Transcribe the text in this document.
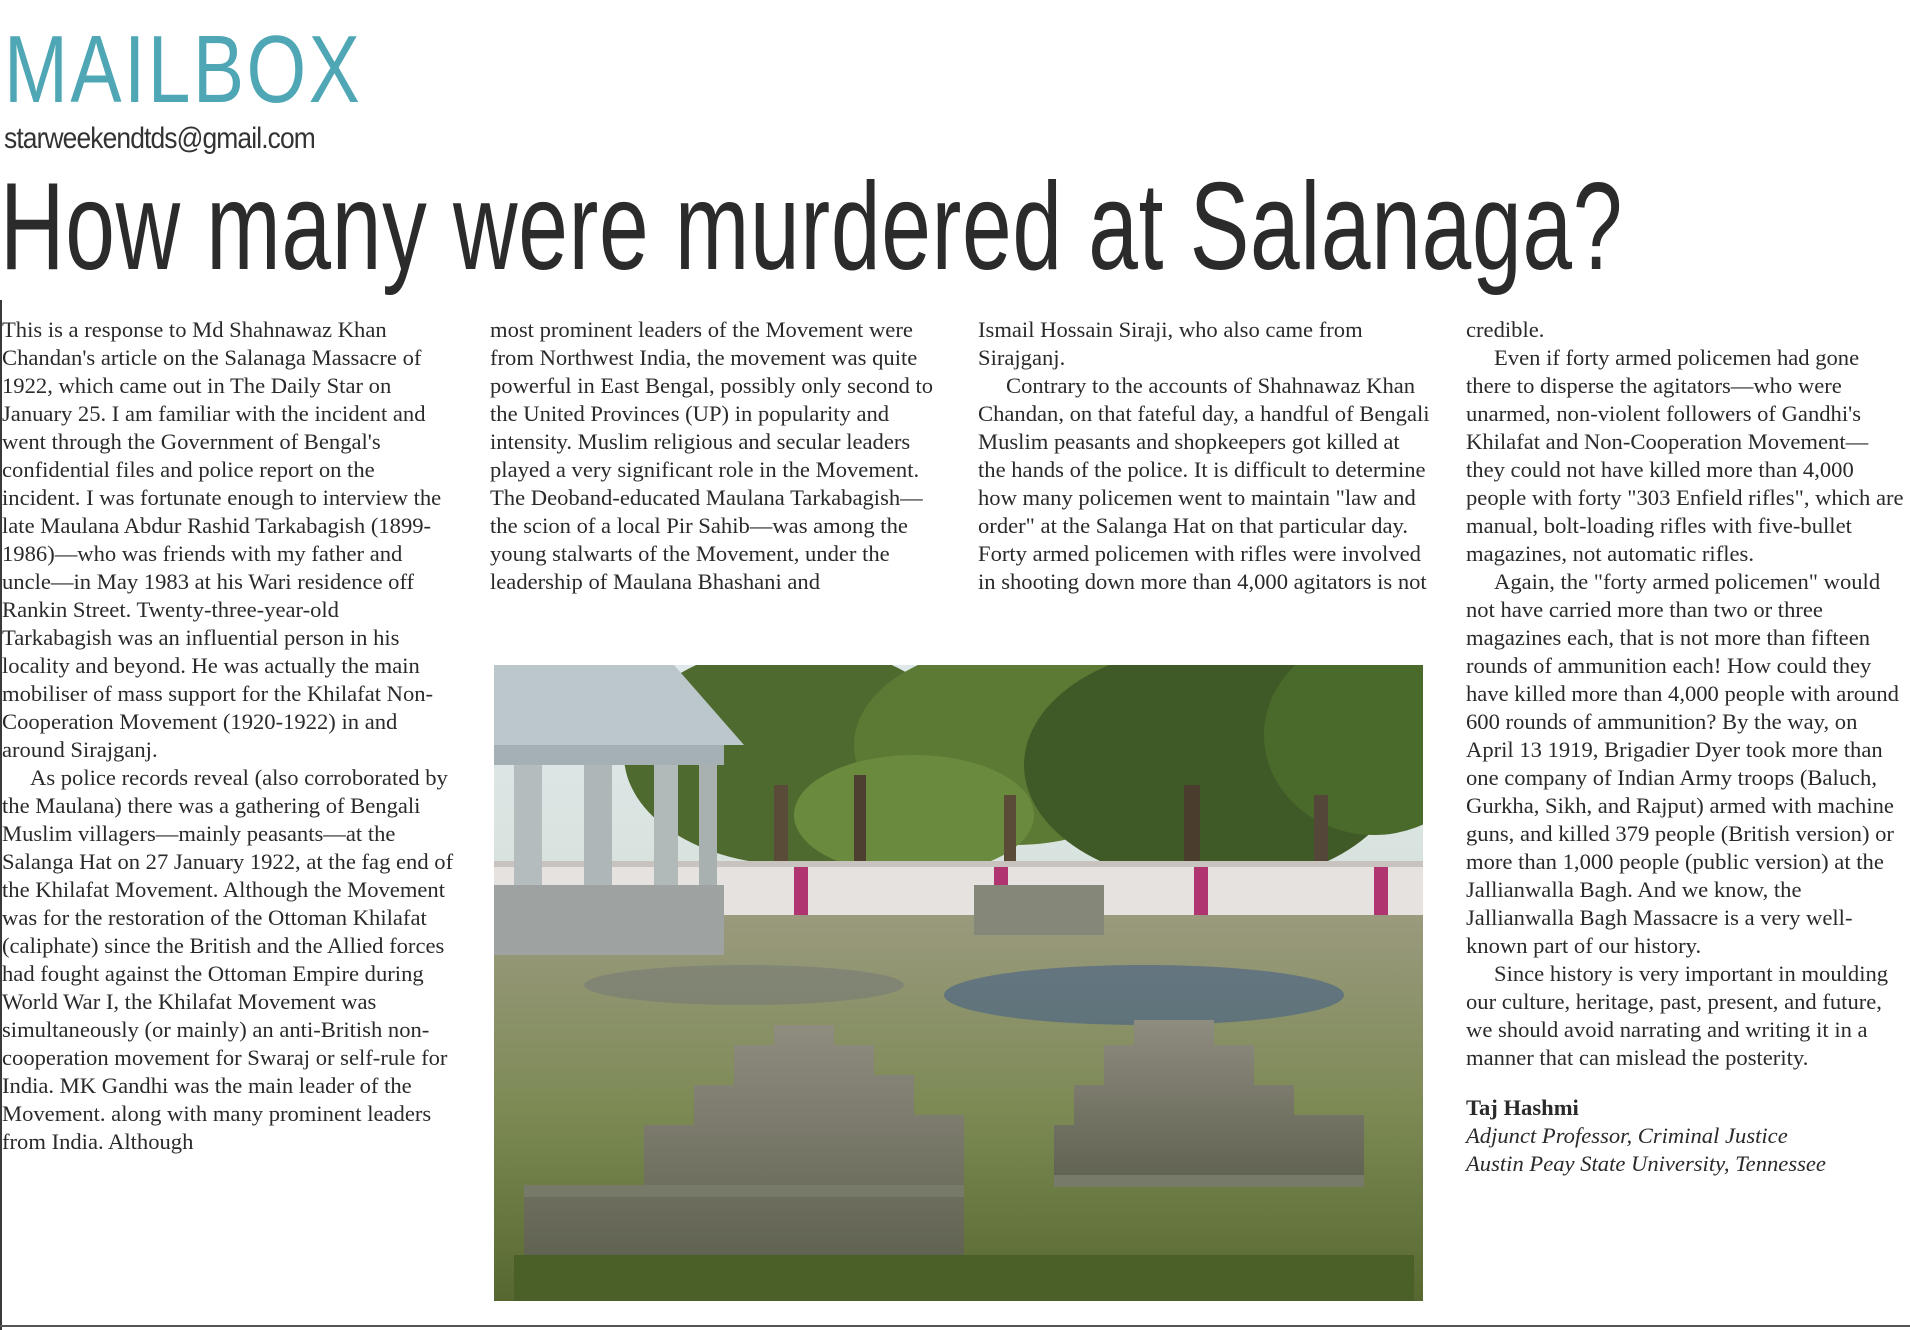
MAILBOX
starweekendtds@gmail.com
How many were murdered at Salanaga?

This is a response to Md Shahnawaz Khan Chandan's article on the Salanaga Massacre of 1922, which came out in The Daily Star on January 25. I am familiar with the incident and went through the Government of Bengal's confidential files and police report on the incident. I was fortunate enough to interview the late Maulana Abdur Rashid Tarkabagish (1899-1986)—who was friends with my father and uncle—in May 1983 at his Wari residence off Rankin Street. Twenty-three-year-old Tarkabagish was an influential person in his locality and beyond. He was actually the main mobiliser of mass support for the Khilafat Non-Cooperation Movement (1920-1922) in and around Sirajganj.

As police records reveal (also corroborated by the Maulana) there was a gathering of Bengali Muslim villagers—mainly peasants—at the Salanga Hat on 27 January 1922, at the fag end of the Khilafat Movement. Although the Movement was for the restoration of the Ottoman Khilafat (caliphate) since the British and the Allied forces had fought against the Ottoman Empire during World War I, the Khilafat Movement was simultaneously (or mainly) an anti-British non-cooperation movement for Swaraj or self-rule for India. MK Gandhi was the main leader of the Movement. along with many prominent leaders from India. Although

most prominent leaders of the Movement were from Northwest India, the movement was quite powerful in East Bengal, possibly only second to the United Provinces (UP) in popularity and intensity. Muslim religious and secular leaders played a very significant role in the Movement. The Deoband-educated Maulana Tarkabagish—the scion of a local Pir Sahib—was among the young stalwarts of the Movement, under the leadership of Maulana Bhashani and

Ismail Hossain Siraji, who also came from Sirajganj.

Contrary to the accounts of Shahnawaz Khan Chandan, on that fateful day, a handful of Bengali Muslim peasants and shopkeepers got killed at the hands of the police. It is difficult to determine how many policemen went to maintain "law and order" at the Salanga Hat on that particular day. Forty armed policemen with rifles were involved in shooting down more than 4,000 agitators is not

credible.

Even if forty armed policemen had gone there to disperse the agitators—who were unarmed, non-violent followers of Gandhi's Khilafat and Non-Cooperation Movement—they could not have killed more than 4,000 people with forty "303 Enfield rifles", which are manual, bolt-loading rifles with five-bullet magazines, not automatic rifles.

Again, the "forty armed policemen" would not have carried more than two or three magazines each, that is not more than fifteen rounds of ammunition each! How could they have killed more than 4,000 people with around 600 rounds of ammunition? By the way, on April 13 1919, Brigadier Dyer took more than one company of Indian Army troops (Baluch, Gurkha, Sikh, and Rajput) armed with machine guns, and killed 379 people (British version) or more than 1,000 people (public version) at the Jallianwalla Bagh. And we know, the Jallianwalla Bagh Massacre is a very well-known part of our history.

Since history is very important in moulding our culture, heritage, past, present, and future, we should avoid narrating and writing it in a manner that can mislead the posterity.

Taj Hashmi
Adjunct Professor, Criminal Justice
Austin Peay State University, Tennessee
